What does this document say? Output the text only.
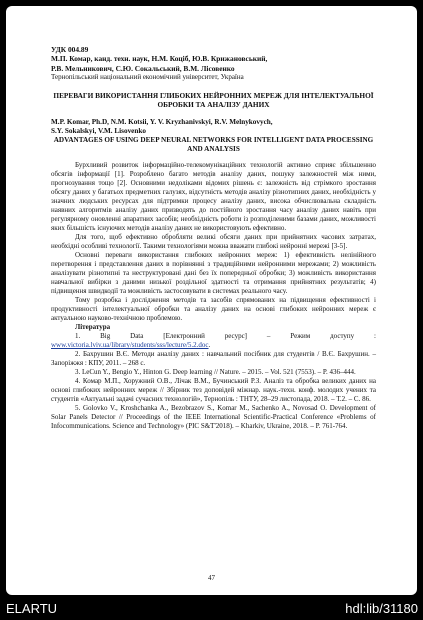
УДК 004.89
М.П. Комар, канд. техн. наук, Н.М. Коціб, Ю.В. Крижановський,
Р.В. Мельникович, С.Ю. Сокальський, В.М. Лісовенко
Тернопільський національний економічний університет, Україна
ПЕРЕВАГИ ВИКОРИСТАННЯ ГЛИБОКИХ НЕЙРОННИХ МЕРЕЖ ДЛЯ ІНТЕЛЕКТУАЛЬНОЇ ОБРОБКИ ТА АНАЛІЗУ ДАНИХ
M.P. Komar, Ph.D, N.M. Kotsii, Y. V. Kryzhanivskyi, R.V. Melnykovych,
S.Y. Sokalskyi, V.M. Lisovenko
ADVANTAGES OF USING DEEP NEURAL NETWORKS FOR INTELLIGENT DATA PROCESSING AND ANALYSIS

Бурхливий розвиток інформаційно-телекомунікаційних технологій активно сприяє збільшенню обсягів інформації [1]. Розроблено багато методів аналізу даних, пошуку залежностей між ними, прогнозування тощо [2]. Основними недоліками відомих рішень є: залежність від стрімкого зростання обсягу даних у багатьох предметних галузях, відсутність методів аналізу різнотипних даних, необхідність у значних людських ресурсах для підтримки процесу аналізу даних, висока обчислювальна складність наявних алгоритмів аналізу даних призводять до постійного зростання часу аналізу даних навіть при регулярному оновленні апаратних засобів; необхідність роботи із розподіленими базами даних, можливості яких більшість існуючих методів аналізу даних не використовують ефективно.

Для того, щоб ефективно обробляти великі обсяги даних при прийнятних часових затратах, необхідні особливі технології. Такими технологіями можна вважати глибокі нейронні мережі [3-5].

Основні переваги використання глибоких нейронних мереж: 1) ефективність нелінійного перетворення і представлення даних в порівнянні з традиційними нейронними мережами; 2) можливість аналізувати різнотипні та неструктуровані дані без їх попередньої обробки; 3) можливість використання навчальної вибірки з даними низької роздільної здатності та отримання прийнятних результатів; 4) підвищення швидкодії та можливість застосовувати в системах реального часу.

Тому розробка і дослідження методів та засобів спрямованих на підвищення ефективності і продуктивності інтелектуальної обробки та аналізу даних на основі глибоких нейронних мереж є актуальною науково-технічною проблемою.

Література

1. Big Data [Електронний ресурс] – Режим доступу : www.victoria.lviv.ua/library/students/sss/lecture/5.2.doc.

2. Бахрушин В.Є. Методи аналізу даних : навчальний посібник для студентів / В.Є. Бахрушин. – Запоріжжя : КПУ, 2011. – 268 с.

3. LeCun Y., Bengio Y., Hinton G. Deep learning // Nature. – 2015. – Vol. 521 (7553). – P. 436–444.

4. Комар М.П., Хоружний О.В., Лічак В.М., Бучинський Р.З. Аналіз та обробка великих даних на основі глибоких нейронних мереж // Збірник тез доповідей міжнар. наук.-техн. конф. молодих учених та студентів «Актуальні задачі сучасних технологій», Тернопіль : ТНТУ, 28–29 листопада, 2018. – Т.2. – С. 86.

5. Golovko V., Kroshchanka A., Bezobrazov S., Komar M., Sachenko A., Novosad O. Development of Solar Panels Detector // Proceedings of the IEEE International Scientific-Practical Conference «Problems of Infocommunications. Science and Technology» (PIC S&T'2018). – Kharkiv, Ukraine, 2018. – P. 761-764.

47
ELARTU	hdl:lib/31180
